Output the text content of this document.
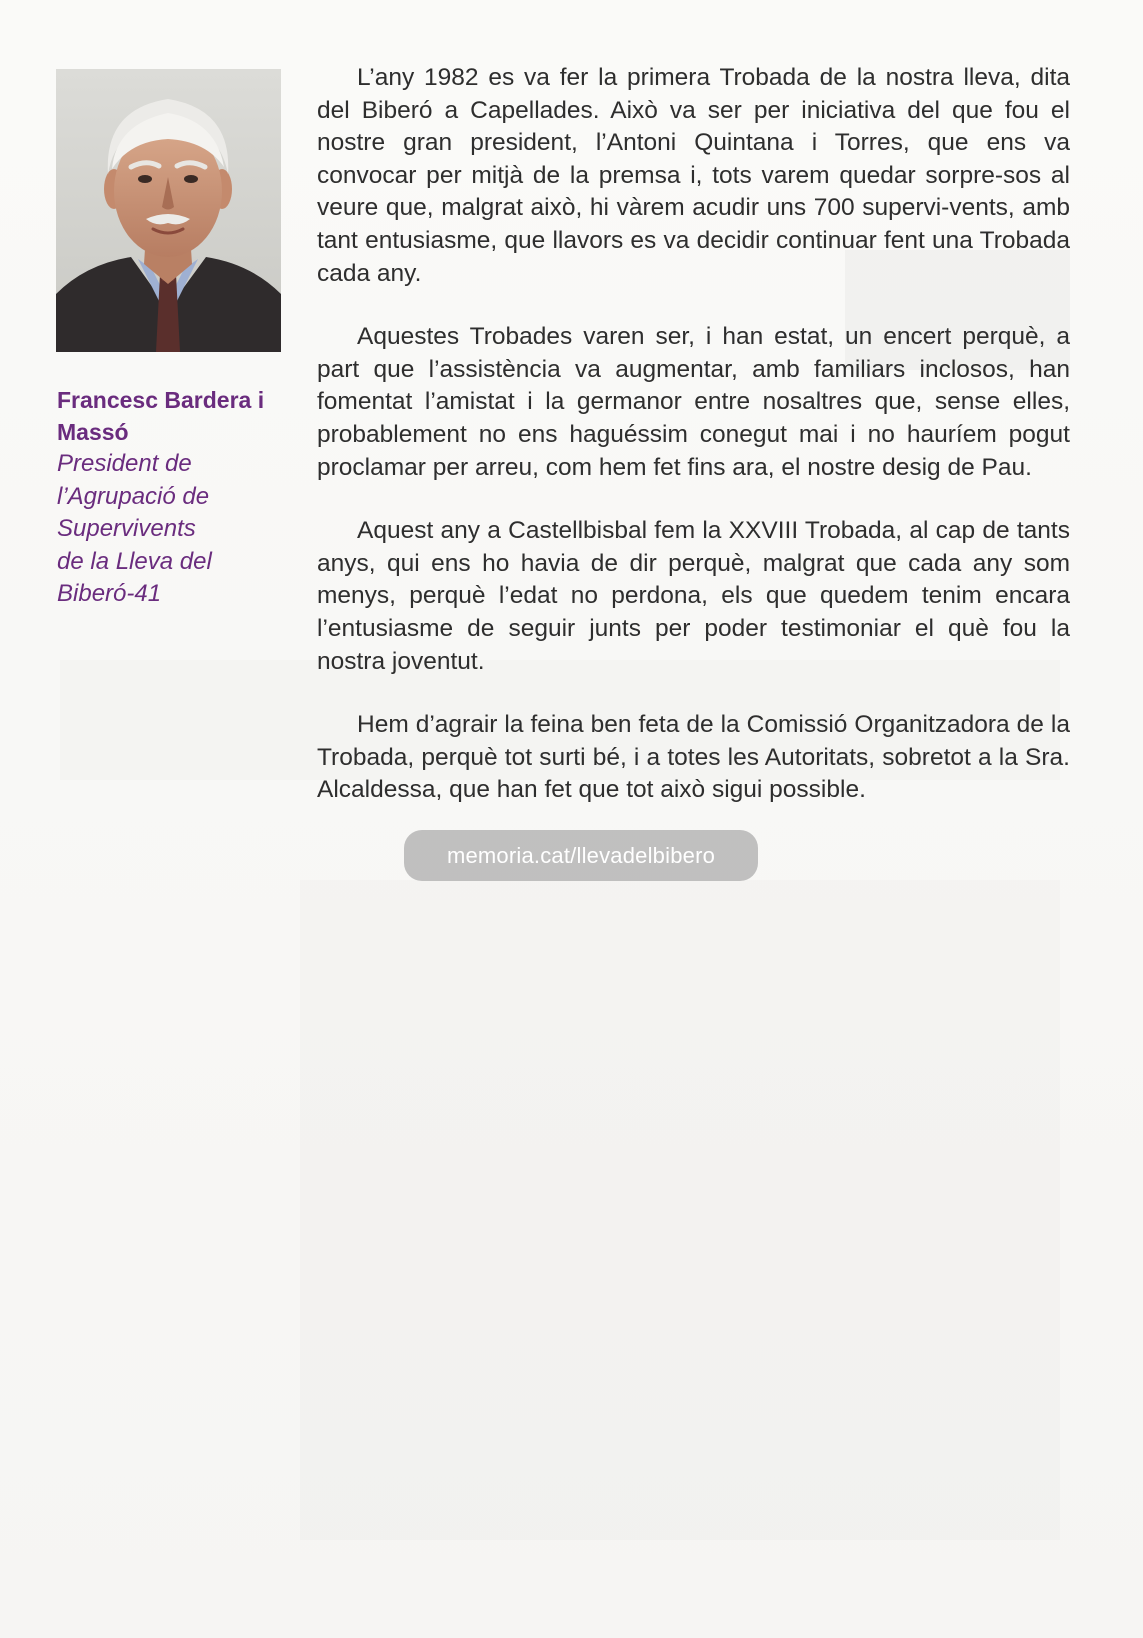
Francesc Bardera i Massó

President de

l’Agrupació de

Supervivents

de la Lleva del

Biberó-41

L’any 1982 es va fer la primera Trobada de la nostra lleva, dita del Biberó a Capellades. Això va ser per iniciativa del que fou el nostre gran president, l’Antoni Quintana i Torres, que ens va convocar per mitjà de la premsa i, tots varem quedar sorpre-sos al veure que, malgrat això, hi vàrem acudir uns 700 supervi-vents, amb tant entusiasme, que llavors es va decidir continuar fent una Trobada cada any.

Aquestes Trobades varen ser, i han estat, un encert perquè, a part que l’assistència va augmentar, amb familiars inclosos, han fomentat l’amistat i la germanor entre nosaltres que, sense elles, probablement no ens haguéssim conegut mai i no hauríem pogut proclamar per arreu, com hem fet fins ara, el nostre desig de Pau.

Aquest any a Castellbisbal fem la XXVIII Trobada, al cap de tants anys, qui ens ho havia de dir perquè, malgrat que cada any som menys, perquè l’edat no perdona, els que quedem tenim encara l’entusiasme de seguir junts per poder testimoniar el què fou la nostra joventut.

Hem d’agrair la feina ben feta de la Comissió Organitzadora de la Trobada, perquè tot surti bé, i a totes les Autoritats, sobretot a la Sra. Alcaldessa, que han fet que tot això sigui possible.

memoria.cat/llevadelbibero
